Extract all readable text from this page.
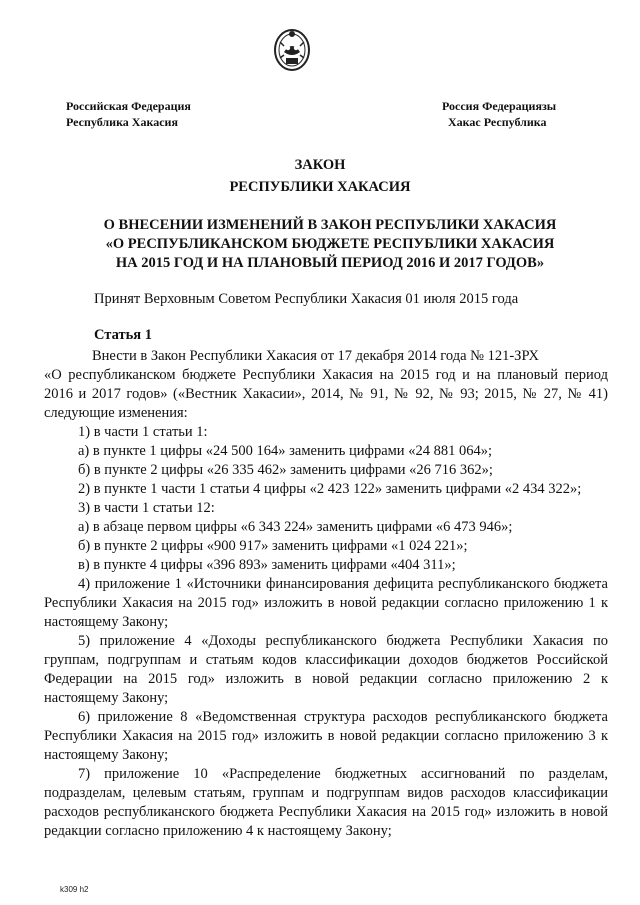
Российская Федерация
Республика Хакасия
Россия Федерациязы
Хакас Республика
ЗАКОН
РЕСПУБЛИКИ ХАКАСИЯ
О ВНЕСЕНИИ ИЗМЕНЕНИЙ В ЗАКОН РЕСПУБЛИКИ ХАКАСИЯ
«О РЕСПУБЛИКАНСКОМ БЮДЖЕТЕ РЕСПУБЛИКИ ХАКАСИЯ
НА 2015 ГОД И НА ПЛАНОВЫЙ ПЕРИОД 2016 И 2017 ГОДОВ»
Принят Верховным Советом Республики Хакасия 01 июля 2015 года
Статья 1

Внести в Закон Республики Хакасия от 17 декабря 2014 года № 121-ЗРХ

«О республиканском бюджете Республики Хакасия на 2015 год и на плановый период 2016 и 2017 годов» («Вестник Хакасии», 2014, № 91, № 92, № 93; 2015, № 27, № 41) следующие изменения:

1) в части 1 статьи 1:

а) в пункте 1 цифры «24 500 164» заменить цифрами «24 881 064»;

б) в пункте 2 цифры «26 335 462» заменить цифрами «26 716 362»;

2) в пункте 1 части 1 статьи 4 цифры «2 423 122» заменить цифрами «2 434 322»;

3) в части 1 статьи 12:

а) в абзаце первом цифры «6 343 224» заменить цифрами «6 473 946»;

б) в пункте 2 цифры «900 917» заменить цифрами «1 024 221»;

в) в пункте 4 цифры «396 893» заменить цифрами «404 311»;

4) приложение 1 «Источники финансирования дефицита республиканского бюджета Республики Хакасия на 2015 год» изложить в новой редакции согласно приложению 1 к настоящему Закону;

5) приложение 4 «Доходы республиканского бюджета Республики Хакасия по группам, подгруппам и статьям кодов классификации доходов бюджетов Российской Федерации на 2015 год» изложить в новой редакции согласно приложению 2 к настоящему Закону;

6) приложение 8 «Ведомственная структура расходов республиканского бюджета Республики Хакасия на 2015 год» изложить в новой редакции согласно приложению 3 к настоящему Закону;

7) приложение 10 «Распределение бюджетных ассигнований по разделам, подразделам, целевым статьям, группам и подгруппам видов расходов классификации расходов республиканского бюджета Республики Хакасия на 2015 год» изложить в новой редакции согласно приложению 4 к настоящему Закону;

k309 h2
